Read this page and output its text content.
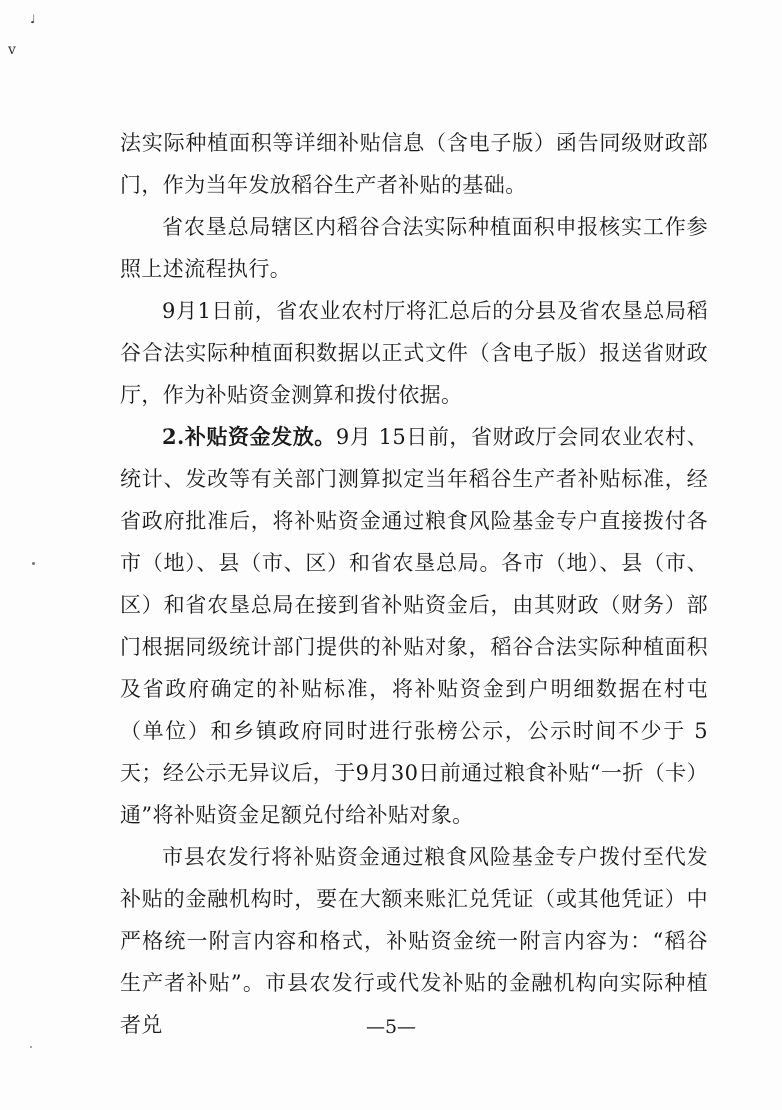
♩
v

法实际种植面积等详细补贴信息（含电子版）函告同级财政部门，作为当年发放稻谷生产者补贴的基础。

省农垦总局辖区内稻谷合法实际种植面积申报核实工作参照上述流程执行。

9月1日前，省农业农村厅将汇总后的分县及省农垦总局稻谷合法实际种植面积数据以正式文件（含电子版）报送省财政厅，作为补贴资金测算和拨付依据。

2.补贴资金发放。9月 15日前，省财政厅会同农业农村、统计、发改等有关部门测算拟定当年稻谷生产者补贴标准，经省政府批准后，将补贴资金通过粮食风险基金专户直接拨付各市（地）、县（市、区）和省农垦总局。各市（地）、县（市、区）和省农垦总局在接到省补贴资金后，由其财政（财务）部门根据同级统计部门提供的补贴对象，稻谷合法实际种植面积及省政府确定的补贴标准，将补贴资金到户明细数据在村屯（单位）和乡镇政府同时进行张榜公示，公示时间不少于 5 天；经公示无异议后，于9月30日前通过粮食补贴“一折（卡）通”将补贴资金足额兑付给补贴对象。

市县农发行将补贴资金通过粮食风险基金专户拨付至代发补贴的金融机构时，要在大额来账汇兑凭证（或其他凭证）中严格统一附言内容和格式，补贴资金统一附言内容为：“稻谷生产者补贴”。市县农发行或代发补贴的金融机构向实际种植者兑	—5—
